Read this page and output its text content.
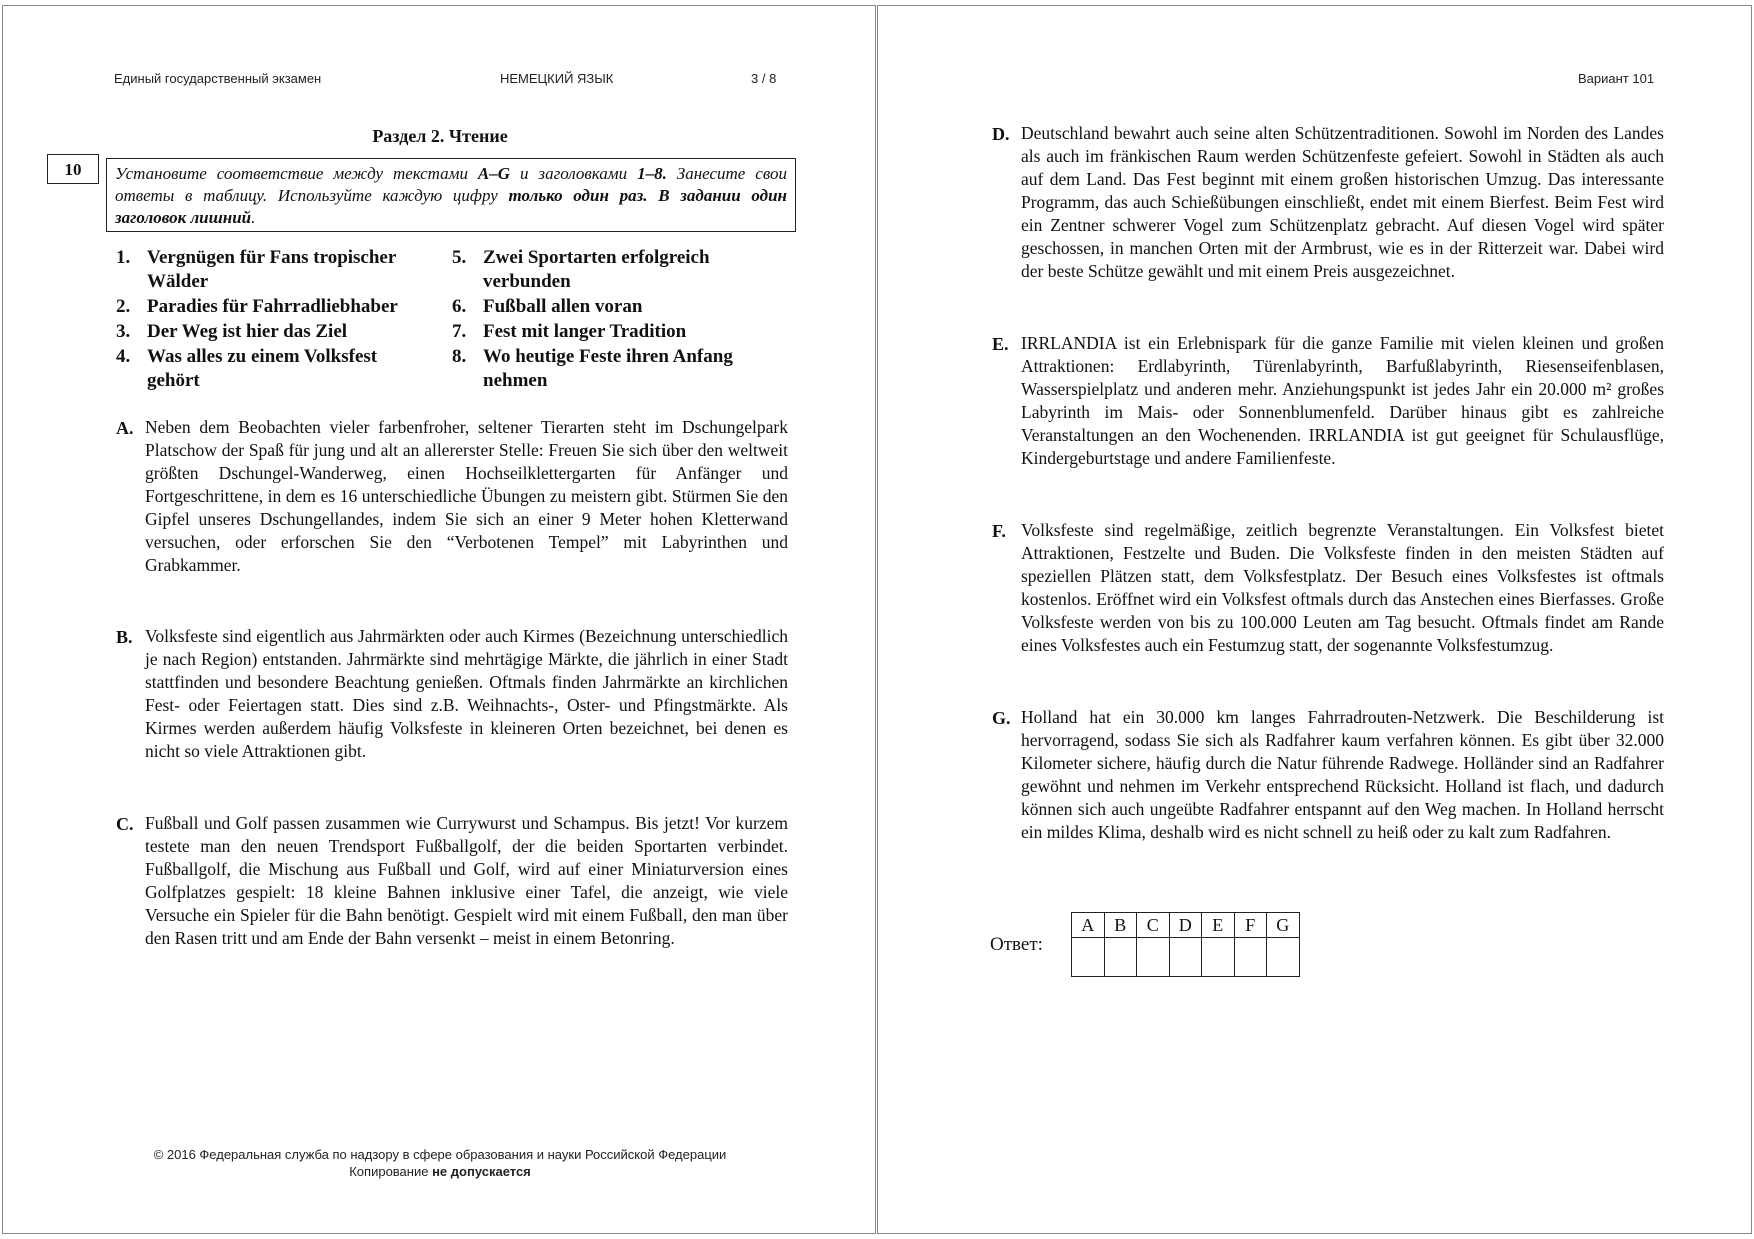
Единый государственный экзамен	НЕМЕЦКИЙ ЯЗЫК	3 / 8
Раздел 2. Чтение
10	Установите соответствие между текстами A–G и заголовками 1–8. Занесите свои ответы в таблицу. Используйте каждую цифру только один раз. В задании один заголовок лишний.
1. Vergnügen für Fans tropischer Wälder
2. Paradies für Fahrradliebhaber
3. Der Weg ist hier das Ziel
4. Was alles zu einem Volksfest gehört
5. Zwei Sportarten erfolgreich verbunden
6. Fußball allen voran
7. Fest mit langer Tradition
8. Wo heutige Feste ihren Anfang nehmen
A. Neben dem Beobachten vieler farbenfroher, seltener Tierarten steht im Dschungelpark Platschow der Spaß für jung und alt an allererster Stelle: Freuen Sie sich über den weltweit größten Dschungel-Wanderweg, einen Hochseilklettergarten für Anfänger und Fortgeschrittene, in dem es 16 unterschiedliche Übungen zu meistern gibt. Stürmen Sie den Gipfel unseres Dschungellandes, indem Sie sich an einer 9 Meter hohen Kletterwand versuchen, oder erforschen Sie den “Verbotenen Tempel” mit Labyrinthen und Grabkammer.
B. Volksfeste sind eigentlich aus Jahrmärkten oder auch Kirmes (Bezeichnung unterschiedlich je nach Region) entstanden. Jahrmärkte sind mehrtägige Märkte, die jährlich in einer Stadt stattfinden und besondere Beachtung genießen. Oftmals finden Jahrmärkte an kirchlichen Fest- oder Feiertagen statt. Dies sind z.B. Weihnachts-, Oster- und Pfingstmärkte. Als Kirmes werden außerdem häufig Volksfeste in kleineren Orten bezeichnet, bei denen es nicht so viele Attraktionen gibt.
C. Fußball und Golf passen zusammen wie Currywurst und Schampus. Bis jetzt! Vor kurzem testete man den neuen Trendsport Fußballgolf, der die beiden Sportarten verbindet. Fußballgolf, die Mischung aus Fußball und Golf, wird auf einer Miniaturversion eines Golfplatzes gespielt: 18 kleine Bahnen inklusive einer Tafel, die anzeigt, wie viele Versuche ein Spieler für die Bahn benötigt. Gespielt wird mit einem Fußball, den man über den Rasen tritt und am Ende der Bahn versenkt – meist in einem Betonring.
© 2016 Федеральная служба по надзору в сфере образования и науки Российской Федерации
Копирование не допускается
Вариант 101
D. Deutschland bewahrt auch seine alten Schützentraditionen. Sowohl im Norden des Landes als auch im fränkischen Raum werden Schützenfeste gefeiert. Sowohl in Städten als auch auf dem Land. Das Fest beginnt mit einem großen historischen Umzug. Das interessante Programm, das auch Schießübungen einschließt, endet mit einem Bierfest. Beim Fest wird ein Zentner schwerer Vogel zum Schützenplatz gebracht. Auf diesen Vogel wird später geschossen, in manchen Orten mit der Armbrust, wie es in der Ritterzeit war. Dabei wird der beste Schütze gewählt und mit einem Preis ausgezeichnet.
E. IRRLANDIA ist ein Erlebnispark für die ganze Familie mit vielen kleinen und großen Attraktionen: Erdlabyrinth, Türenlabyrinth, Barfußlabyrinth, Riesenseifenblasen, Wasserspielplatz und anderen mehr. Anziehungspunkt ist jedes Jahr ein 20.000 m² großes Labyrinth im Mais- oder Sonnenblumenfeld. Darüber hinaus gibt es zahlreiche Veranstaltungen an den Wochenenden. IRRLANDIA ist gut geeignet für Schulausflüge, Kindergeburtstage und andere Familienfeste.
F. Volksfeste sind regelmäßige, zeitlich begrenzte Veranstaltungen. Ein Volksfest bietet Attraktionen, Festzelte und Buden. Die Volksfeste finden in den meisten Städten auf speziellen Plätzen statt, dem Volksfestplatz. Der Besuch eines Volksfestes ist oftmals kostenlos. Eröffnet wird ein Volksfest oftmals durch das Anstechen eines Bierfasses. Große Volksfeste werden von bis zu 100.000 Leuten am Tag besucht. Oftmals findet am Rande eines Volksfestes auch ein Festumzug statt, der sogenannte Volksfestumzug.
G. Holland hat ein 30.000 km langes Fahrradrouten-Netzwerk. Die Beschilderung ist hervorragend, sodass Sie sich als Radfahrer kaum verfahren können. Es gibt über 32.000 Kilometer sichere, häufig durch die Natur führende Radwege. Holländer sind an Radfahrer gewöhnt und nehmen im Verkehr entsprechend Rücksicht. Holland ist flach, und dadurch können sich auch ungeübte Radfahrer entspannt auf den Weg machen. In Holland herrscht ein mildes Klima, deshalb wird es nicht schnell zu heiß oder zu kalt zum Radfahren.
Ответ:
A	B	C	D	E	F	G
